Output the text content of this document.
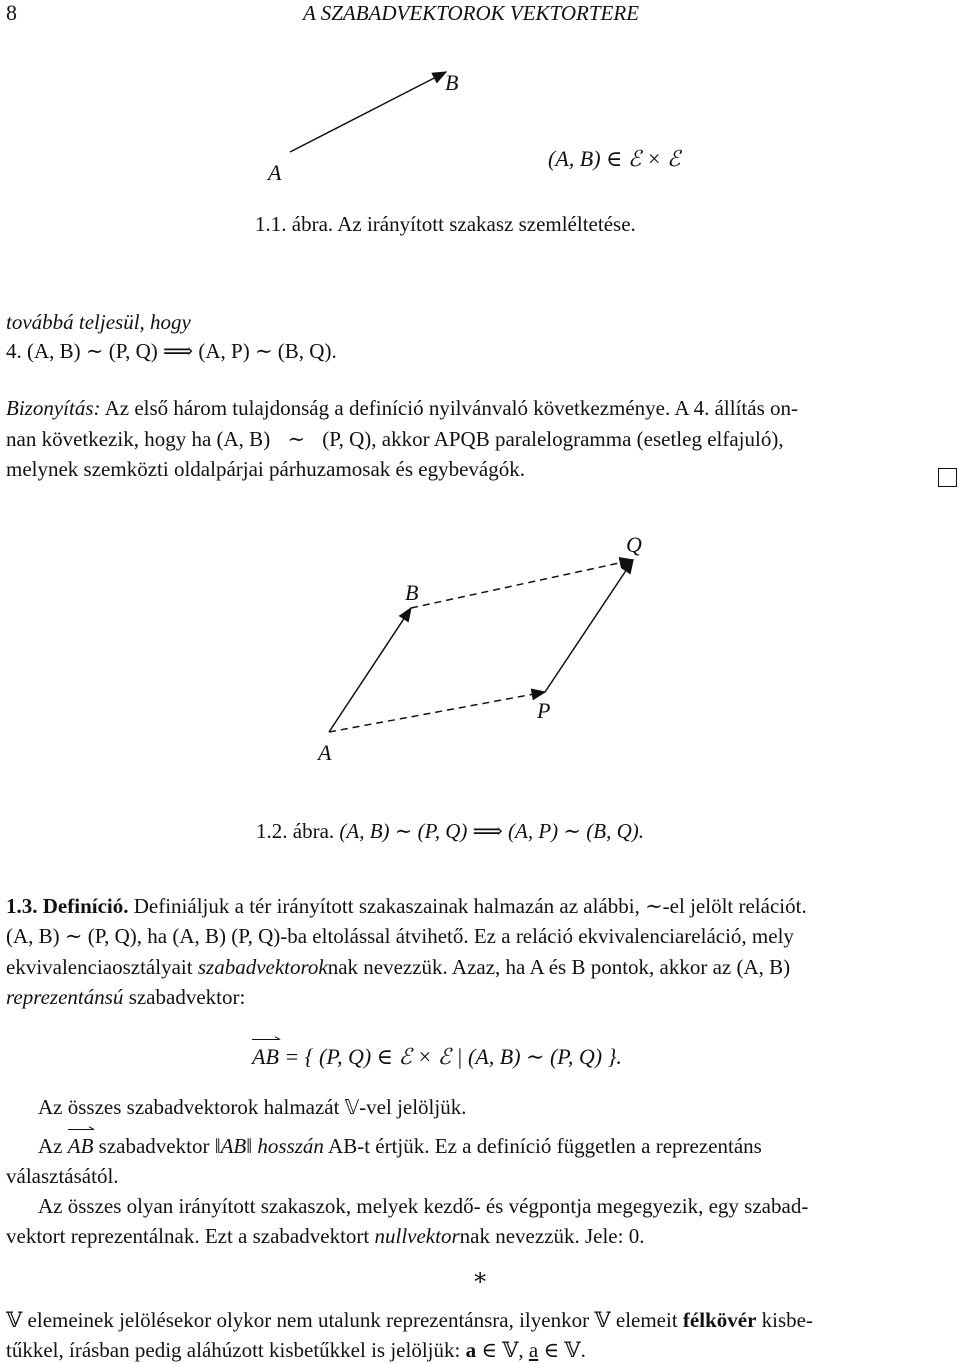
8	A SZABADVEKTOROK VEKTORTERE
A
B
(A, B) ∈ ℰ × ℰ
1.1. ábra. Az irányított szakasz szemléltetése.
továbbá teljesül, hogy
4. (A, B) ∼ (P, Q) ⟹ (A, P) ∼ (B, Q).
Bizonyítás: Az első három tulajdonság a definíció nyilvánvaló következménye. A 4. állítás on-
nan következik, hogy ha (A, B) ∼ (P, Q), akkor APQB paralelogramma (esetleg elfajuló),
melynek szemközti oldalpárjai párhuzamosak és egybevágók.
A
B
P
Q
1.2. ábra. (A, B) ∼ (P, Q) ⟹ (A, P) ∼ (B, Q).
1.3. Definíció. Definiáljuk a tér irányított szakaszainak halmazán az alábbi, ∼-el jelölt relációt.
(A, B) ∼ (P, Q), ha (A, B) (P, Q)-ba eltolással átvihető. Ez a reláció ekvivalenciareláció, mely
ekvivalenciaosztályait szabadvektoroknak nevezzük. Azaz, ha A és B pontok, akkor az (A, B)
reprezentánsú szabadvektor:
AB = { (P, Q) ∈ ℰ × ℰ | (A, B) ∼ (P, Q) }.
Az összes szabadvektorok halmazát 𝕍-vel jelöljük.
Az AB szabadvektor ‖AB‖ hosszán AB-t értjük. Ez a definíció független a reprezentáns
választásától.
Az összes olyan irányított szakaszok, melyek kezdő- és végpontja megegyezik, egy szabad-
vektort reprezentálnak. Ezt a szabadvektort nullvektornak nevezzük. Jele: 0.
∗
𝕍 elemeinek jelölésekor olykor nem utalunk reprezentánsra, ilyenkor 𝕍 elemeit félkövér kisbe-
tűkkel, írásban pedig aláhúzott kisbetűkkel is jelöljük: a ∈ 𝕍, a ∈ 𝕍.
